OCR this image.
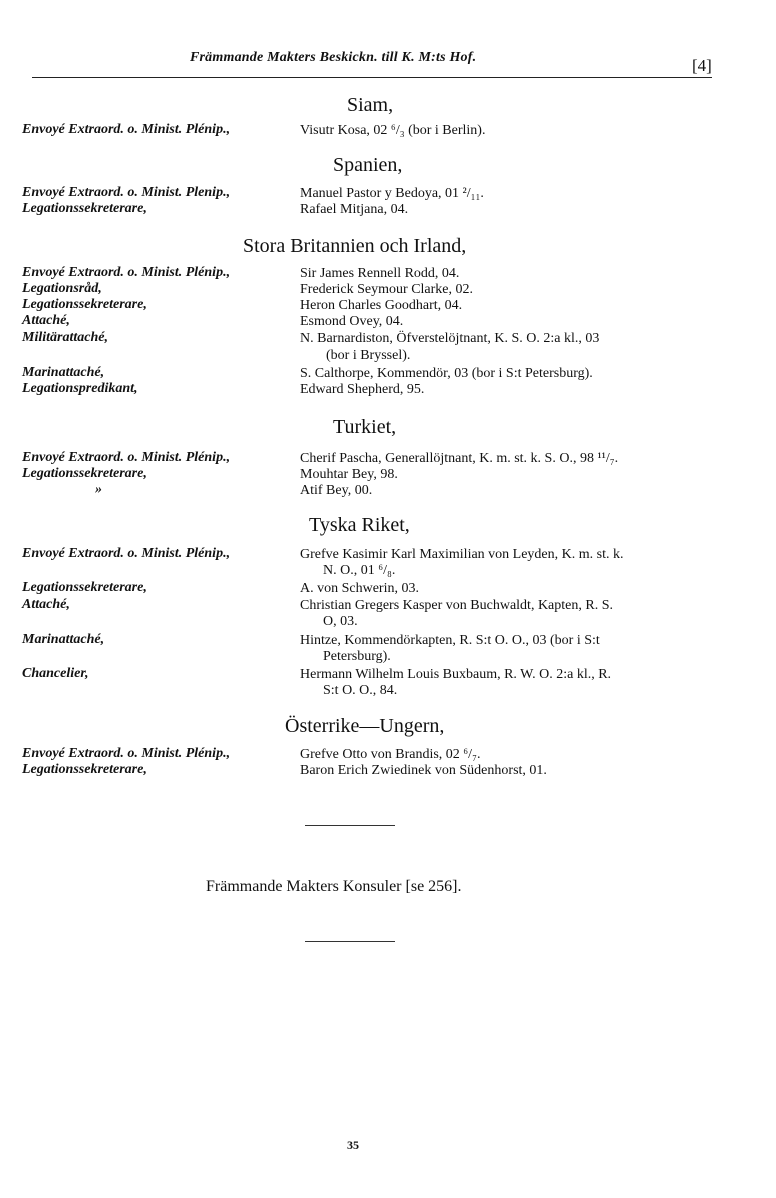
Främmande Makters Beskickn. till K. M:ts Hof.	[4]
Siam,
Envoyé Extraord. o. Minist. Plénip.,	Visutr Kosa, 02 ⁶/₃ (bor i Berlin).
Spanien,
Envoyé Extraord. o. Minist. Plenip.,	Manuel Pastor y Bedoya, 01 ²/₁₁.
Legationssekreterare,	Rafael Mitjana, 04.
Stora Britannien och Irland,
Envoyé Extraord. o. Minist. Plénip.,	Sir James Rennell Rodd, 04.
Legationsråd,	Frederick Seymour Clarke, 02.
Legationssekreterare,	Heron Charles Goodhart, 04.
Attaché,	Esmond Ovey, 04.
Militärattaché,	N. Barnardiston, Öfverstelöjtnant, K. S. O. 2:a kl., 03
(bor i Bryssel).
Marinattaché,	S. Calthorpe, Kommendör, 03 (bor i S:t Petersburg).
Legationspredikant,	Edward Shepherd, 95.
Turkiet,
Envoyé Extraord. o. Minist. Plénip.,	Cherif Pascha, Generallöjtnant, K. m. st. k. S. O., 98 ¹¹/₇.
Legationssekreterare,	Mouhtar Bey, 98.
»	Atif Bey, 00.
Tyska Riket,
Envoyé Extraord. o. Minist. Plénip.,	Grefve Kasimir Karl Maximilian von Leyden, K. m. st. k.
N. O., 01 ⁶/₈.
Legationssekreterare,	A. von Schwerin, 03.
Attaché,	Christian Gregers Kasper von Buchwaldt, Kapten, R. S.
O, 03.
Marinattaché,	Hintze, Kommendörkapten, R. S:t O. O., 03 (bor i S:t
Petersburg).
Chancelier,	Hermann Wilhelm Louis Buxbaum, R. W. O. 2:a kl., R.
S:t O. O., 84.
Österrike—Ungern,
Envoyé Extraord. o. Minist. Plénip.,	Grefve Otto von Brandis, 02 ⁶/₇.
Legationssekreterare,	Baron Erich Zwiedinek von Südenhorst, 01.
Främmande Makters Konsuler [se 256].
35
